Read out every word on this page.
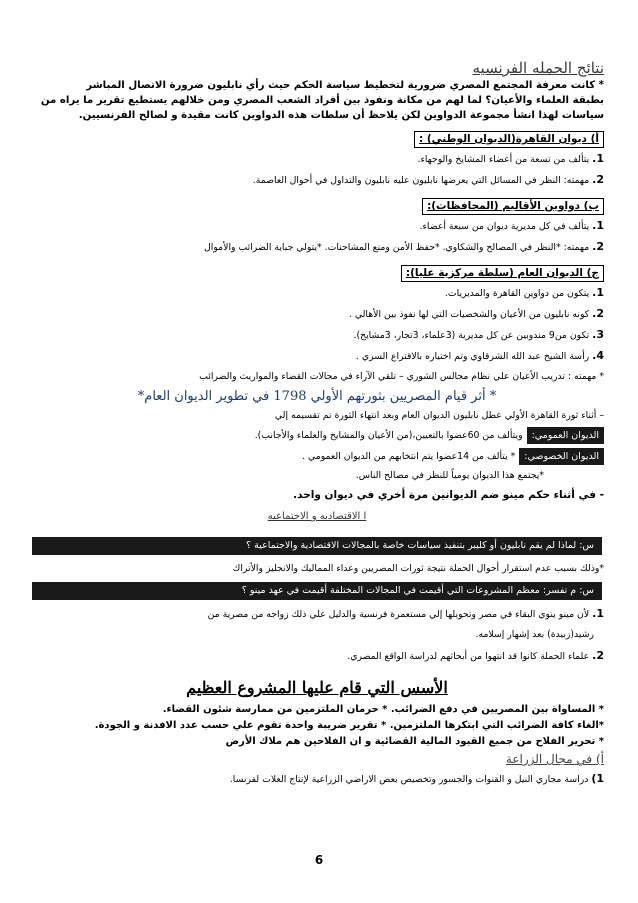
نتائج الحمله الفرنسيه
* كانت معرفة المجتمع المصري ضرورية لتخطيط سياسة الحكم حيث رأي نابليون ضرورة الاتصال المباشر
بطبقة العلماء والأعيان؟ لما لهم من مكانة ونفوذ بين أفراد الشعب المصري ومن خلالهم يستطيع تقرير ما يراه من
سياسات لهذا انشأ مجموعة الدواوين لكن يلاحظ أن سلطات هذه الدواوين كانت مقيدة و لصالح الفرنسيين.
أ) ديوان القاهرة(الديوان الوطني) :
1. يتألف من تسعة من أعضاء المشايخ والوجهاء.
2. مهمته: النظر في المسائل التي يعرضها نابليون عليه نابليون والتداول في أحوال العاصمة.
ب) دواوين الأقاليم (المحافظات):
1. يتألف في كل مديرية ديوان من سبعة أعضاء.
2. مهمته: *النظر في المصالح والشكاوي. *حفظ الأمن ومنع المشاحنات. *يتولي جباية الضرائب والأموال
ج) الديوان العام (سلطة مركزية عليا):
1. يتكون من دواوين القاهرة والمديريات.
2. كونه نابليون من الأعيان والشخصيات التي لها نفوذ بين الأهالي .
3. تكون من9 مندوبين عن كل مديرية (3علماء، 3تجار، 3مشايخ).
4. رأسة الشيخ عبد الله الشرقاوي وتم اختياره بالاقتراع السري .
* مهمته : تدريب الأعيان علي نظام مجالس الشوري – تلقي الآراء في مجالات القضاء والمواريث والضرائب
* أثر قيام المصريين بثورتهم الأولي 1798 في تطوير الديوان العام*
– أثناء ثورة القاهرة الأولي عطل نابليون الديوان العام وبعد انتهاء الثورة تم تقسيمه إلي
الديوان العمومي:ويتألف من 60عضوا بالتعيين،(من الأعيان والمشايخ والعلماء والأجانب).
الديوان الخصوصي:* يتألف من 14عضوا يتم انتخابهم من الديوان العمومي .
*يجتمع هذا الديوان يومياً للنظر في مصالح الناس.
- في أثناء حكم مينو ضم الديوانين مرة أخري في ديوان واحد.
ا الاقتصاديه و الاجتماعيه
س: لماذا لم يقم نابليون أو كليبر بتنفيذ سياسات خاصة بالمجالات الاقتصادية والاجتماعية ؟
*وذلك بسبب عدم استقرار أحوال الحملة نتيجة ثورات المصريين وعداء المماليك والانجليز والأتراك
س: م تفسر: معظم المشروعات التي أقيمت في المجالات المختلفة أقيمت في عهد مينو ؟
1. لأن مينو ينوي البقاء في مصر وتحويلها إلي مستعمرة فرنسية والدليل علي ذلك زواجه من مصرية من
رشيد(زبيدة) بعد إشهار إسلامه.
2. علماء الحملة كانوا قد انتهوا من أبحاثهم لدراسة الواقع المصري.
الأسس التي قام عليها المشروع العظيم
* المساواة بين المصريين في دفع الضرائب. * حرمان الملتزمين من ممارسة شئون القضاء.
*الغاء كافة الضرائب التي ابتكرها الملتزمين. * تقرير ضريبة واحدة تقوم علي حسب عدد الافدنة و الجودة.
* تحرير الفلاح من جميع القيود المالية القضائية و ان الفلاحين هم ملاك الأرض
أ) في مجال الزراعة
1) دراسة مجاري النيل و القنوات والجسور وتخصيص بعض الاراضي الزراعية لإنتاج الغلات لفرنسا.
6
